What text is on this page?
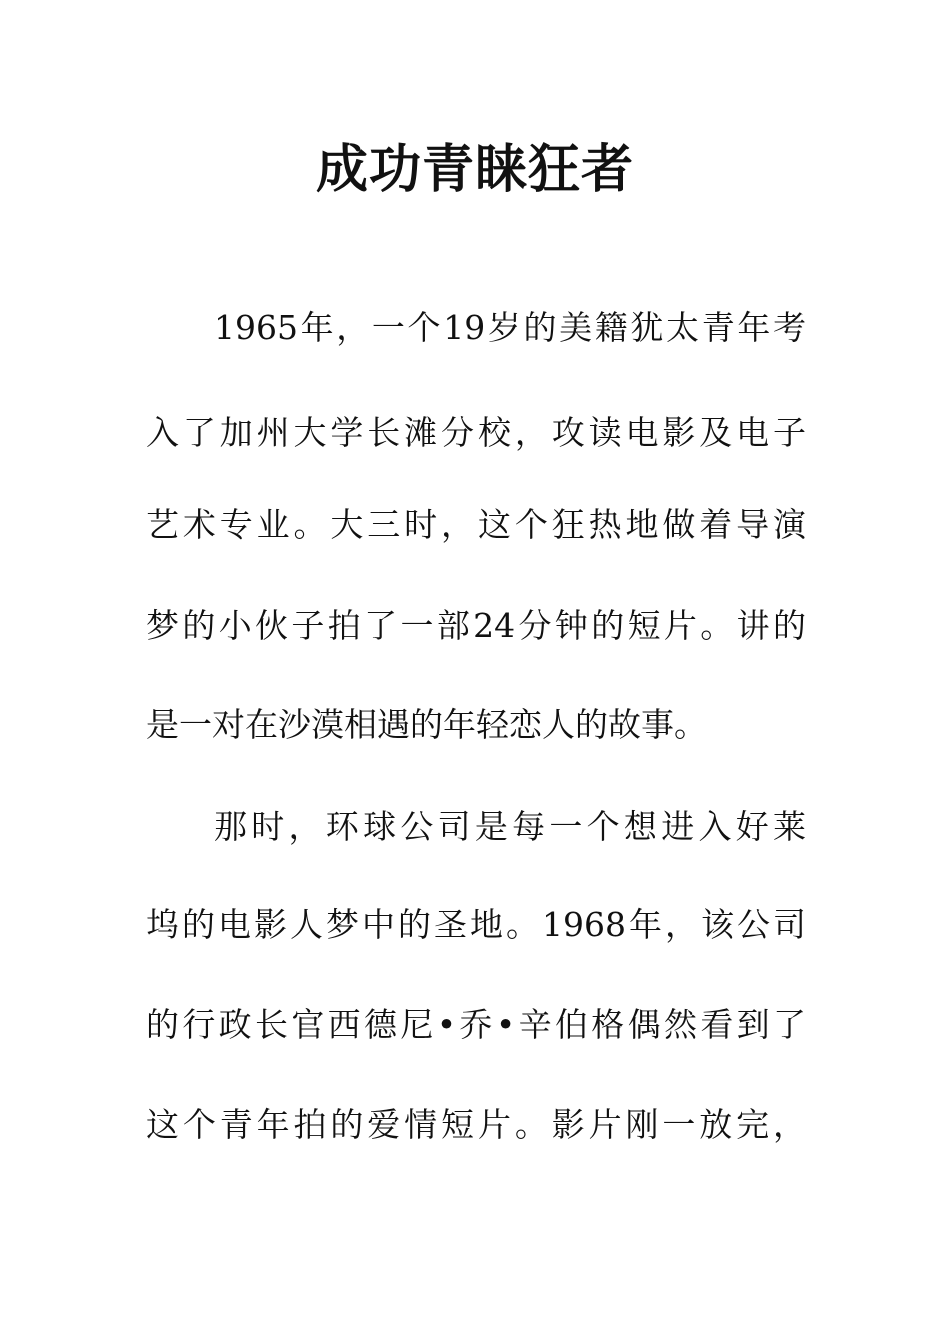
成功青睐狂者
1965年，一个19岁的美籍犹太青年考
入了加州大学长滩分校，攻读电影及电子
艺术专业。大三时，这个狂热地做着导演
梦的小伙子拍了一部24分钟的短片。讲的
是一对在沙漠相遇的年轻恋人的故事。
那时，环球公司是每一个想进入好莱
坞的电影人梦中的圣地。1968年，该公司
的行政长官西德尼•乔•辛伯格偶然看到了
这个青年拍的爱情短片。影片刚一放完，
